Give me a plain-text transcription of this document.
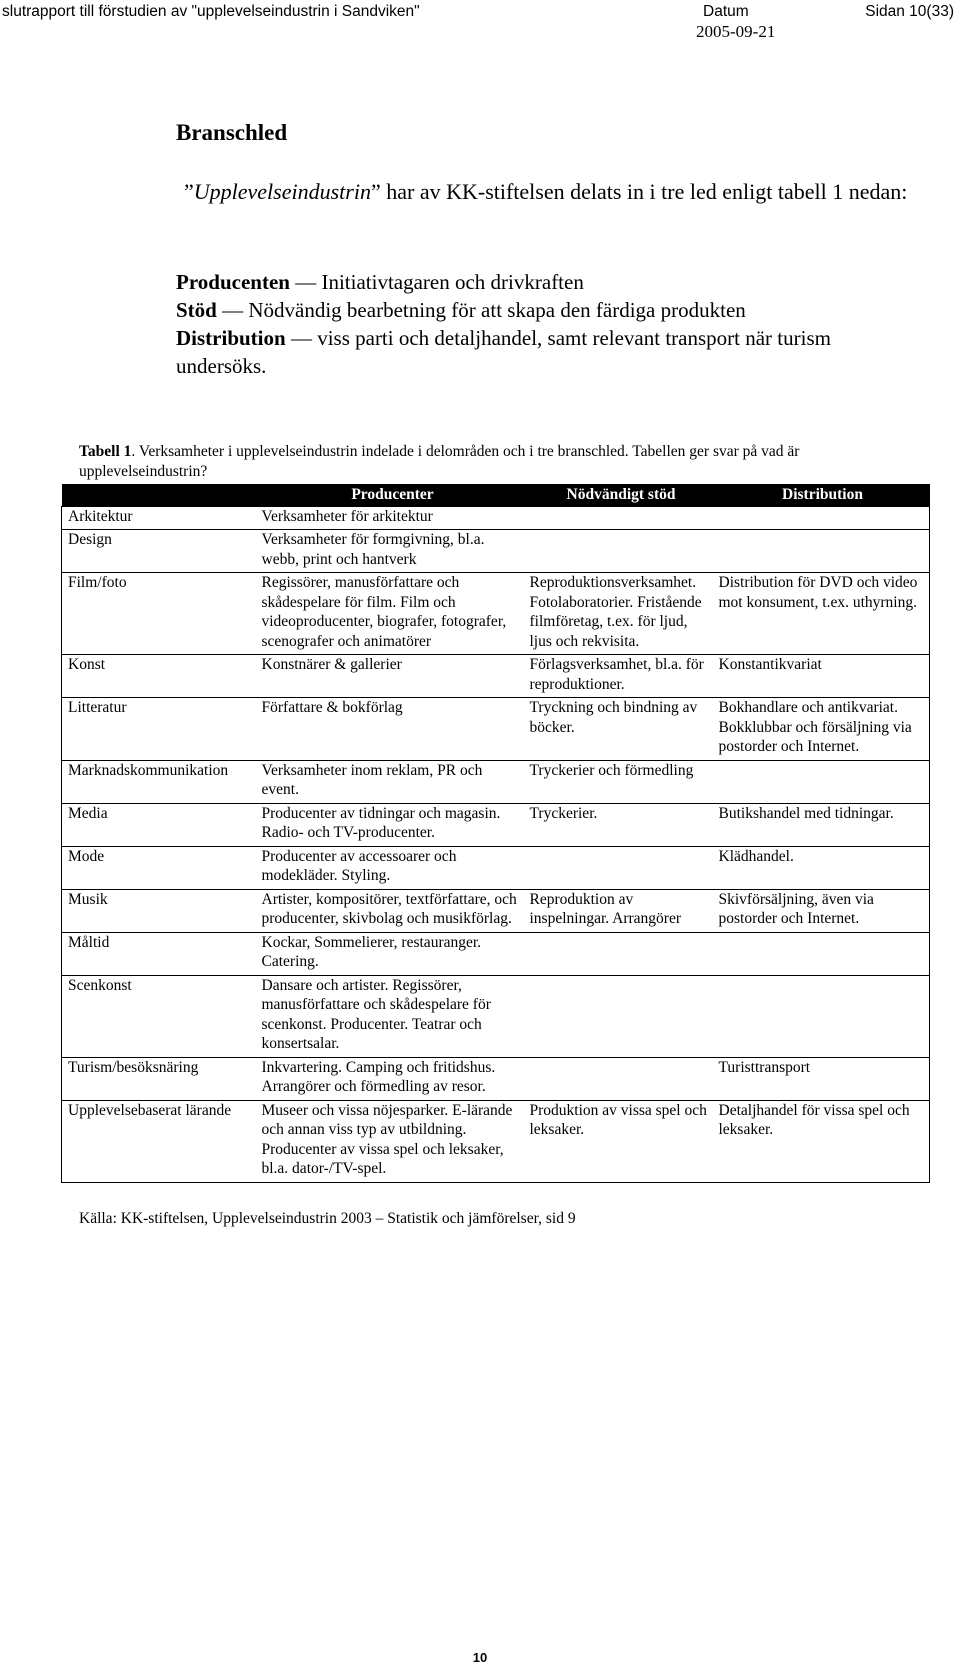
slutrapport till förstudien av "upplevelseindustrin i Sandviken"	Datum
2005-09-21
Sidan 10(33)
Branschled
”Upplevelseindustrin” har av KK-stiftelsen delats in i tre led enligt tabell 1 nedan:

Producenten — Initiativtagaren och drivkraften

Stöd — Nödvändig bearbetning för att skapa den färdiga produkten

Distribution — viss parti och detaljhandel, samt relevant transport när turism undersöks.

Tabell 1. Verksamheter i upplevelseindustrin indelade i delområden och i tre branschled. Tabellen ger svar på vad är upplevelseindustrin?
	Producenter	Nödvändigt stöd	Distribution
Arkitektur	Verksamheter för arkitektur		
Design	Verksamheter för formgivning, bl.a. webb, print och hantverk		
Film/foto	Regissörer, manusförfattare och skådespelare för film. Film och videoproducenter, biografer, fotografer, scenografer och animatörer	Reproduktionsverksamhet. Fotolaboratorier. Fristående filmföretag, t.ex. för ljud, ljus och rekvisita.	Distribution för DVD och video mot konsument, t.ex. uthyrning.
Konst	Konstnärer & gallerier	Förlagsverksamhet, bl.a. för reproduktioner.	Konstantikvariat
Litteratur	Författare & bokförlag	Tryckning och bindning av böcker.	Bokhandlare och antikvariat. Bokklubbar och försäljning via postorder och Internet.
Marknadskommunikation	Verksamheter inom reklam, PR och event.	Tryckerier och förmedling	
Media	Producenter av tidningar och magasin. Radio- och TV-producenter.	Tryckerier.	Butikshandel med tidningar.
Mode	Producenter av accessoarer och modekläder. Styling.		Klädhandel.
Musik	Artister, kompositörer, textförfattare, och producenter, skivbolag och musikförlag.	Reproduktion av inspelningar. Arrangörer	Skivförsäljning, även via postorder och Internet.
Måltid	Kockar, Sommelierer, restauranger. Catering.		
Scenkonst	Dansare och artister. Regissörer, manusförfattare och skådespelare för scenkonst. Producenter. Teatrar och konsertsalar.		
Turism/besöksnäring	Inkvartering. Camping och fritidshus. Arrangörer och förmedling av resor.		Turisttransport
Upplevelsebaserat lärande	Museer och vissa nöjesparker. E-lärande och annan viss typ av utbildning. Producenter av vissa spel och leksaker, bl.a. dator-/TV-spel.	Produktion av vissa spel och leksaker.	Detaljhandel för vissa spel och leksaker.
Källa: KK-stiftelsen, Upplevelseindustrin 2003 – Statistik och jämförelser, sid 9
10
